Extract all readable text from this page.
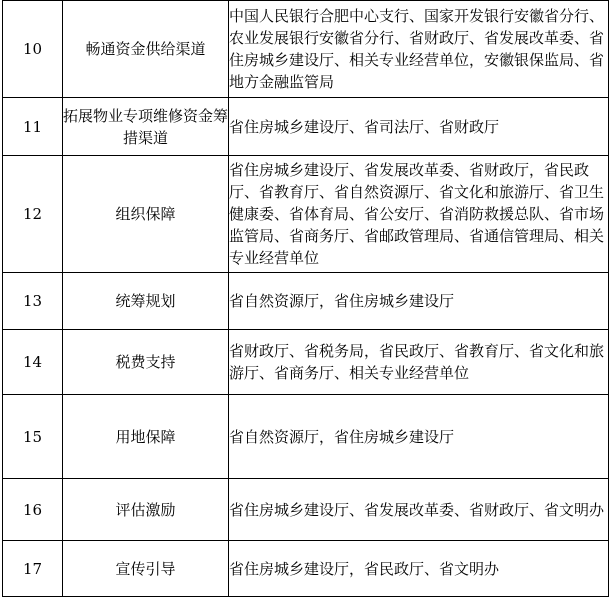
10	畅通资金供给渠道	中国人民银行合肥中心支行、国家开发银行安徽省分行、农业发展银行安徽省分行、省财政厅、省发展改革委、省住房城乡建设厅、相关专业经营单位，安徽银保监局、省地方金融监管局
11	拓展物业专项维修资金筹措渠道	省住房城乡建设厅、省司法厅、省财政厅
12	组织保障	省住房城乡建设厅、省发展改革委、省财政厅，省民政厅、省教育厅、省自然资源厅、省文化和旅游厅、省卫生健康委、省体育局、省公安厅、省消防救援总队、省市场监管局、省商务厅、省邮政管理局、省通信管理局、相关专业经营单位
13	统筹规划	省自然资源厅，省住房城乡建设厅
14	税费支持	省财政厅、省税务局，省民政厅、省教育厅、省文化和旅游厅、省商务厅、相关专业经营单位
15	用地保障	省自然资源厅，省住房城乡建设厅
16	评估激励	省住房城乡建设厅、省发展改革委、省财政厅、省文明办
17	宣传引导	省住房城乡建设厅，省民政厅、省文明办
